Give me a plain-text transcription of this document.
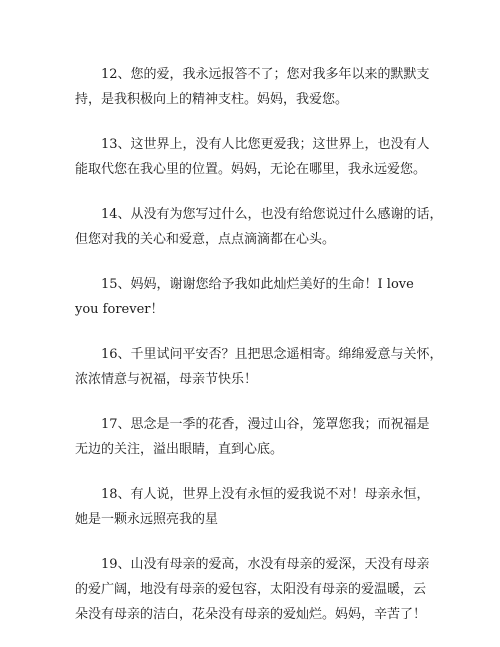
12、您的爱，我永远报答不了；您对我多年以来的默默支
持，是我积极向上的精神支柱。妈妈，我爱您。

13、这世界上，没有人比您更爱我；这世界上，也没有人
能取代您在我心里的位置。妈妈，无论在哪里，我永远爱您。

14、从没有为您写过什么，也没有给您说过什么感谢的话，
但您对我的关心和爱意，点点滴滴都在心头。

15、妈妈，谢谢您给予我如此灿烂美好的生命！I love
you forever！

16、千里试问平安否？且把思念遥相寄。绵绵爱意与关怀，
浓浓情意与祝福，母亲节快乐！

17、思念是一季的花香，漫过山谷，笼罩您我；而祝福是
无边的关注，溢出眼睛，直到心底。

18、有人说，世界上没有永恒的爱我说不对！母亲永恒，
她是一颗永远照亮我的星

19、山没有母亲的爱高，水没有母亲的爱深，天没有母亲
的爱广阔，地没有母亲的爱包容，太阳没有母亲的爱温暖，云
朵没有母亲的洁白，花朵没有母亲的爱灿烂。妈妈，辛苦了！
